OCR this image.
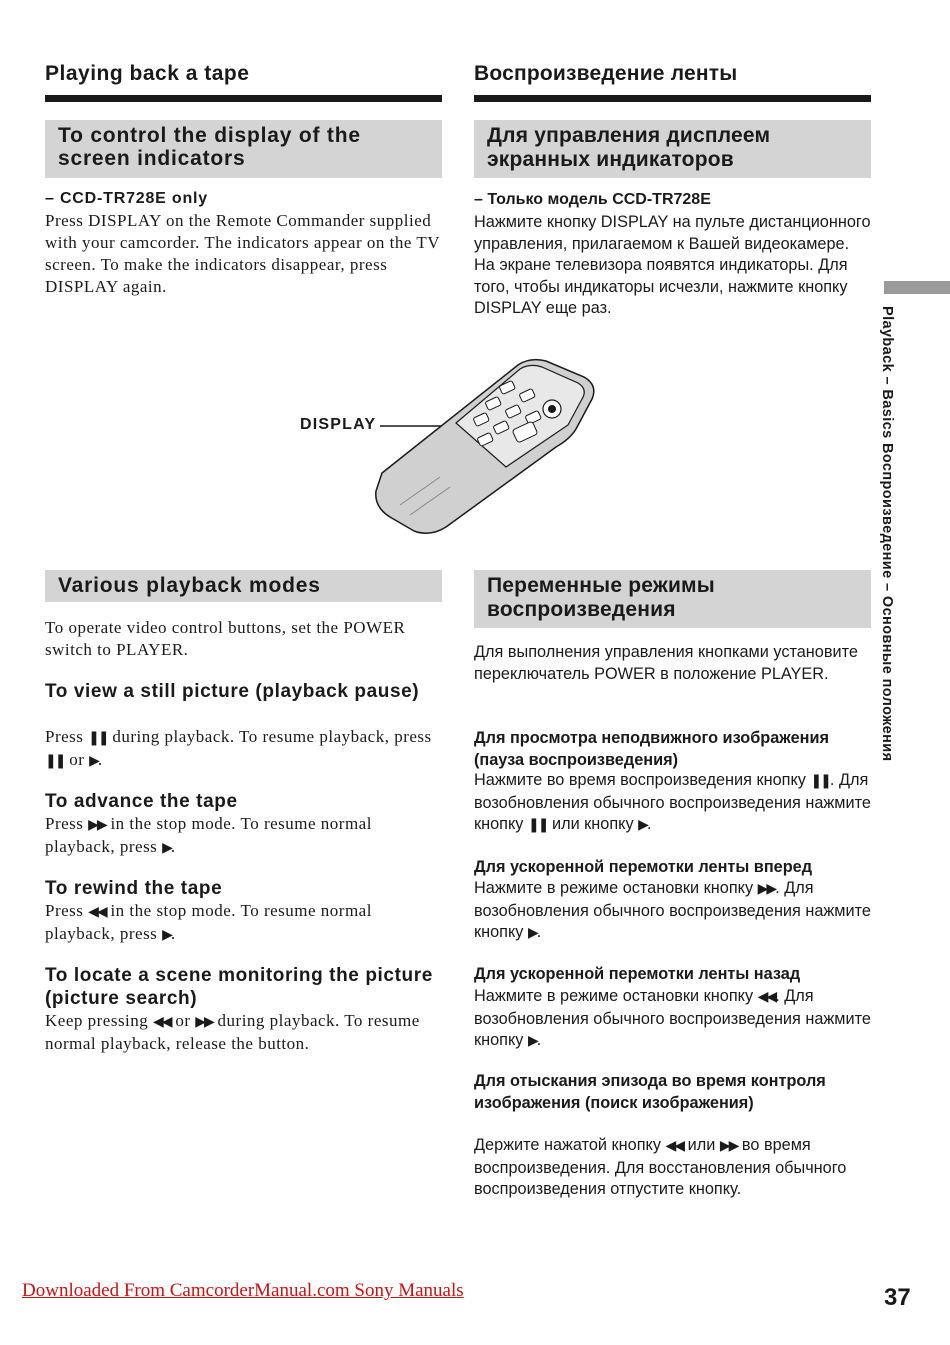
Playing back a tape
To control the display of the screen indicators
– CCD-TR728E only

Press DISPLAY on the Remote Commander supplied with your camcorder. The indicators appear on the TV screen. To make the indicators disappear, press DISPLAY again.

Various playback modes

To operate video control buttons, set the POWER switch to PLAYER.

To view a still picture (playback pause)

Press ❚❚ during playback. To resume playback, press ❚❚ or ▶.

To advance the tape

Press ▶▶ in the stop mode. To resume normal playback, press ▶.

To rewind the tape

Press ◀◀ in the stop mode. To resume normal playback, press ▶.

To locate a scene monitoring the picture (picture search)

Keep pressing ◀◀ or ▶▶ during playback. To resume normal playback, release the button.

Воспроизведение ленты
Для управления дисплеем экранных индикаторов
– Только модель CCD-TR728E

Нажмите кнопку DISPLAY на пульте дистанционного управления, прилагаемом к Вашей видеокамере. На экране телевизора появятся индикаторы. Для того, чтобы индикаторы исчезли, нажмите кнопку DISPLAY еще раз.

Переменные режимы воспроизведения

Для выполнения управления кнопками установите переключатель POWER в положение PLAYER.

Для просмотра неподвижного изображения (пауза воспроизведения)

Нажмите во время воспроизведения кнопку ❚❚. Для возобновления обычного воспроизведения нажмите кнопку ❚❚ или кнопку ▶.

Для ускоренной перемотки ленты вперед

Нажмите в режиме остановки кнопку ▶▶. Для возобновления обычного воспроизведения нажмите кнопку ▶.

Для ускоренной перемотки ленты назад

Нажмите в режиме остановки кнопку ◀◀. Для возобновления обычного воспроизведения нажмите кнопку ▶.

Для отыскания эпизода во время контроля изображения (поиск изображения)

Держите нажатой кнопку ◀◀ или ▶▶ во время воспроизведения. Для восстановления обычного воспроизведения отпустите кнопку.

DISPLAY	Playback – Basics Воспроизведение – Основные положения
Downloaded From CamcorderManual.com Sony Manuals	37
